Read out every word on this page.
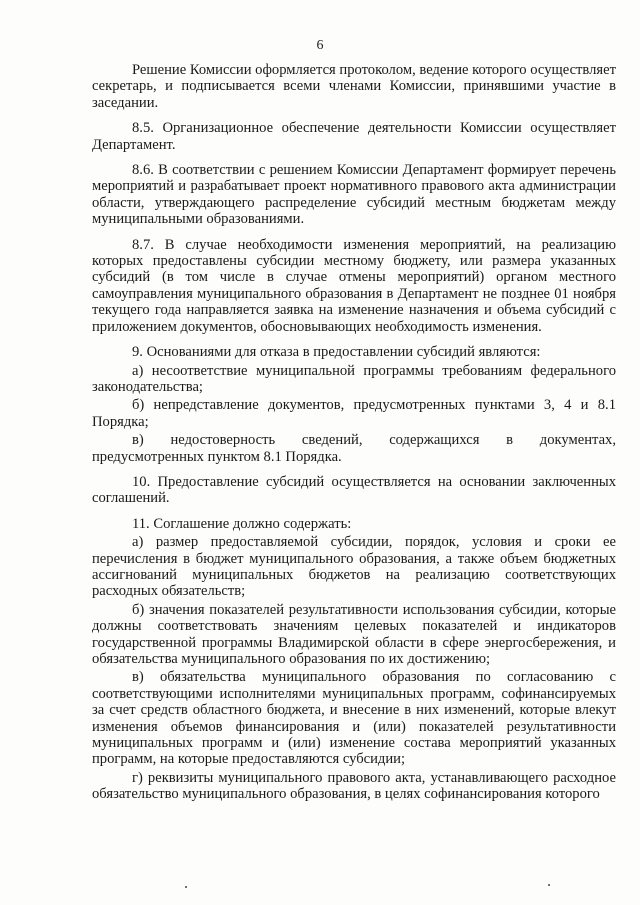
6

Решение Комиссии оформляется протоколом, ведение которого осуществляет секретарь, и подписывается всеми членами Комиссии, принявшими участие в заседании.

8.5. Организационное обеспечение деятельности Комиссии осуществляет Департамент.

8.6. В соответствии с решением Комиссии Департамент формирует перечень мероприятий и разрабатывает проект нормативного правового акта администрации области, утверждающего распределение субсидий местным бюджетам между муниципальными образованиями.

8.7. В случае необходимости изменения мероприятий, на реализацию которых предоставлены субсидии местному бюджету, или размера указанных субсидий (в том числе в случае отмены мероприятий) органом местного самоуправления муниципального образования в Департамент не позднее 01 ноября текущего года направляется заявка на изменение назначения и объема субсидий с приложением документов, обосновывающих необходимость изменения.

9. Основаниями для отказа в предоставлении субсидий являются:

а) несоответствие муниципальной программы требованиям федерального законодательства;

б) непредставление документов, предусмотренных пунктами 3, 4 и 8.1 Порядка;

в) недостоверность сведений, содержащихся в документах, предусмотренных пунктом 8.1 Порядка.

10. Предоставление субсидий осуществляется на основании заключенных соглашений.

11. Соглашение должно содержать:

а) размер предоставляемой субсидии, порядок, условия и сроки ее перечисления в бюджет муниципального образования, а также объем бюджетных ассигнований муниципальных бюджетов на реализацию соответствующих расходных обязательств;

б) значения показателей результативности использования субсидии, которые должны соответствовать значениям целевых показателей и индикаторов государственной программы Владимирской области в сфере энергосбережения, и обязательства муниципального образования по их достижению;

в) обязательства муниципального образования по согласованию с соответствующими исполнителями муниципальных программ, софинансируемых за счет средств областного бюджета, и внесение в них изменений, которые влекут изменения объемов финансирования и (или) показателей результативности муниципальных программ и (или) изменение состава мероприятий указанных программ, на которые предоставляются субсидии;

г) реквизиты муниципального правового акта, устанавливающего расходное обязательство муниципального образования, в целях софинансирования которого
